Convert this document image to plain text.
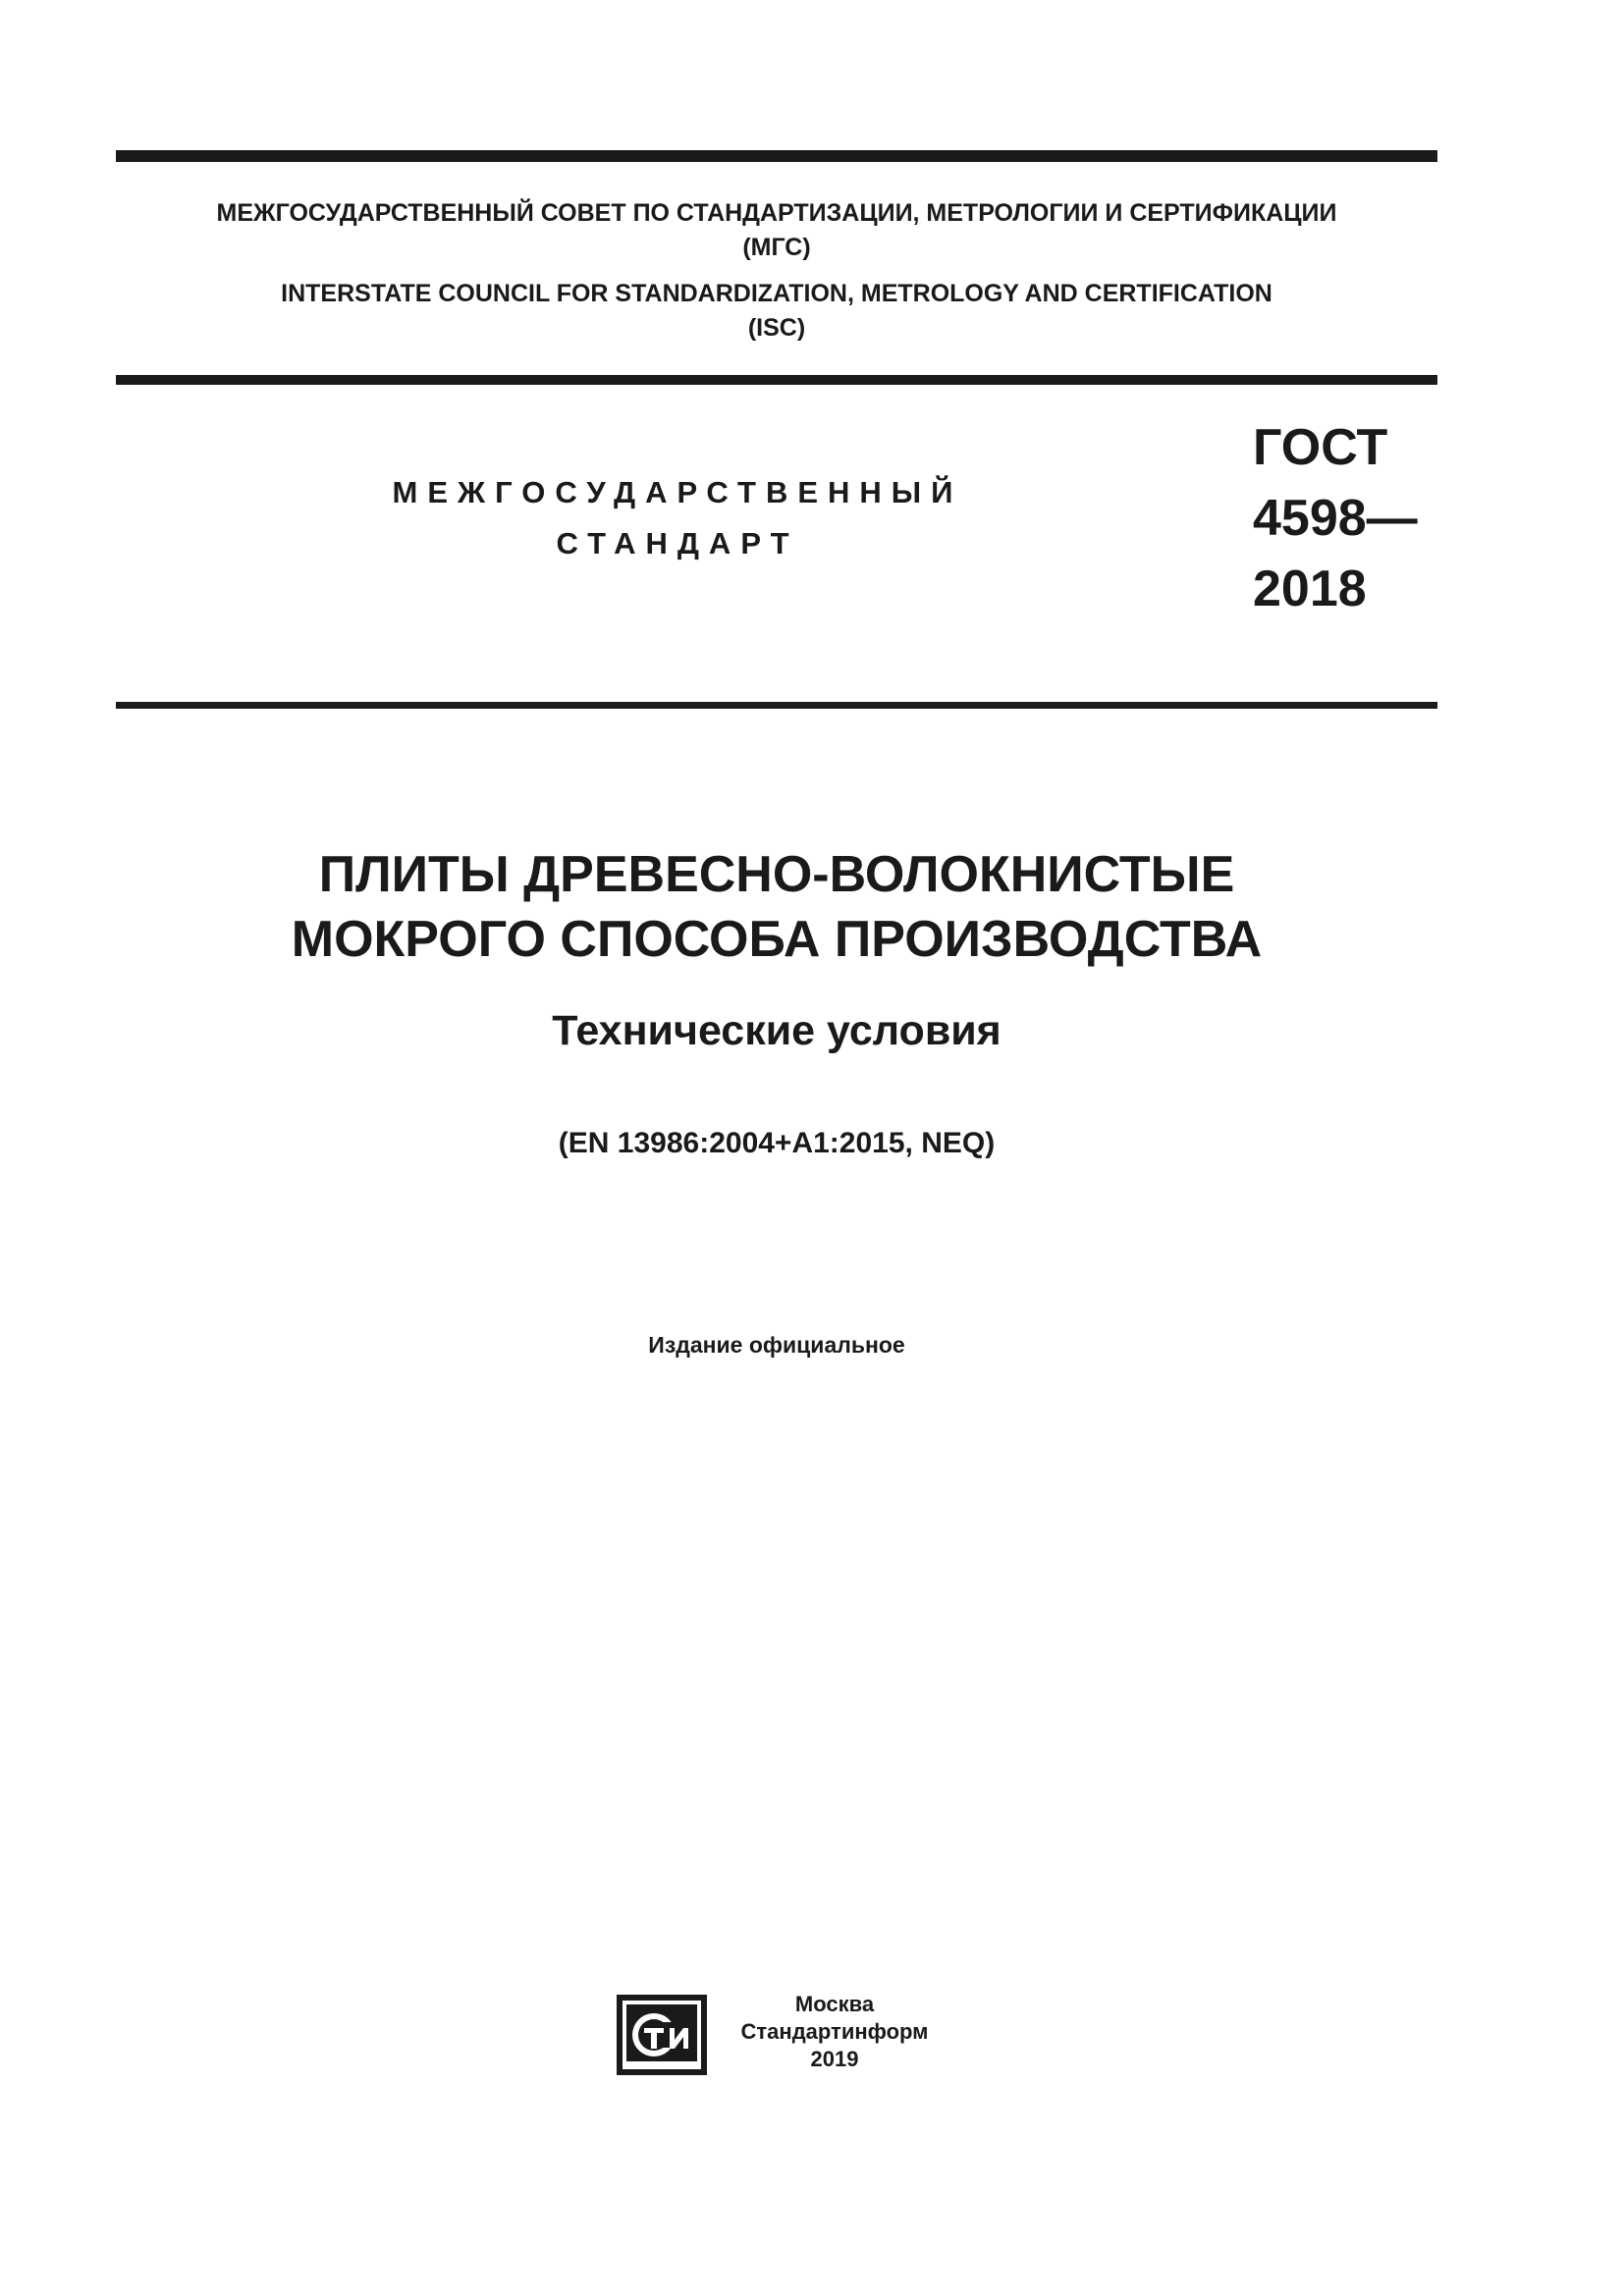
МЕЖГОСУДАРСТВЕННЫЙ СОВЕТ ПО СТАНДАРТИЗАЦИИ, МЕТРОЛОГИИ И СЕРТИФИКАЦИИ
(МГС)
INTERSTATE COUNCIL FOR STANDARDIZATION, METROLOGY AND CERTIFICATION
(ISC)
МЕЖГОСУДАРСТВЕННЫЙ
СТАНДАРТ
ГОСТ
4598—
2018
ПЛИТЫ ДРЕВЕСНО-ВОЛОКНИСТЫЕ
МОКРОГО СПОСОБА ПРОИЗВОДСТВА
Технические условия
(EN 13986:2004+A1:2015, NEQ)
Издание официальное
Москва
Стандартинформ
2019
